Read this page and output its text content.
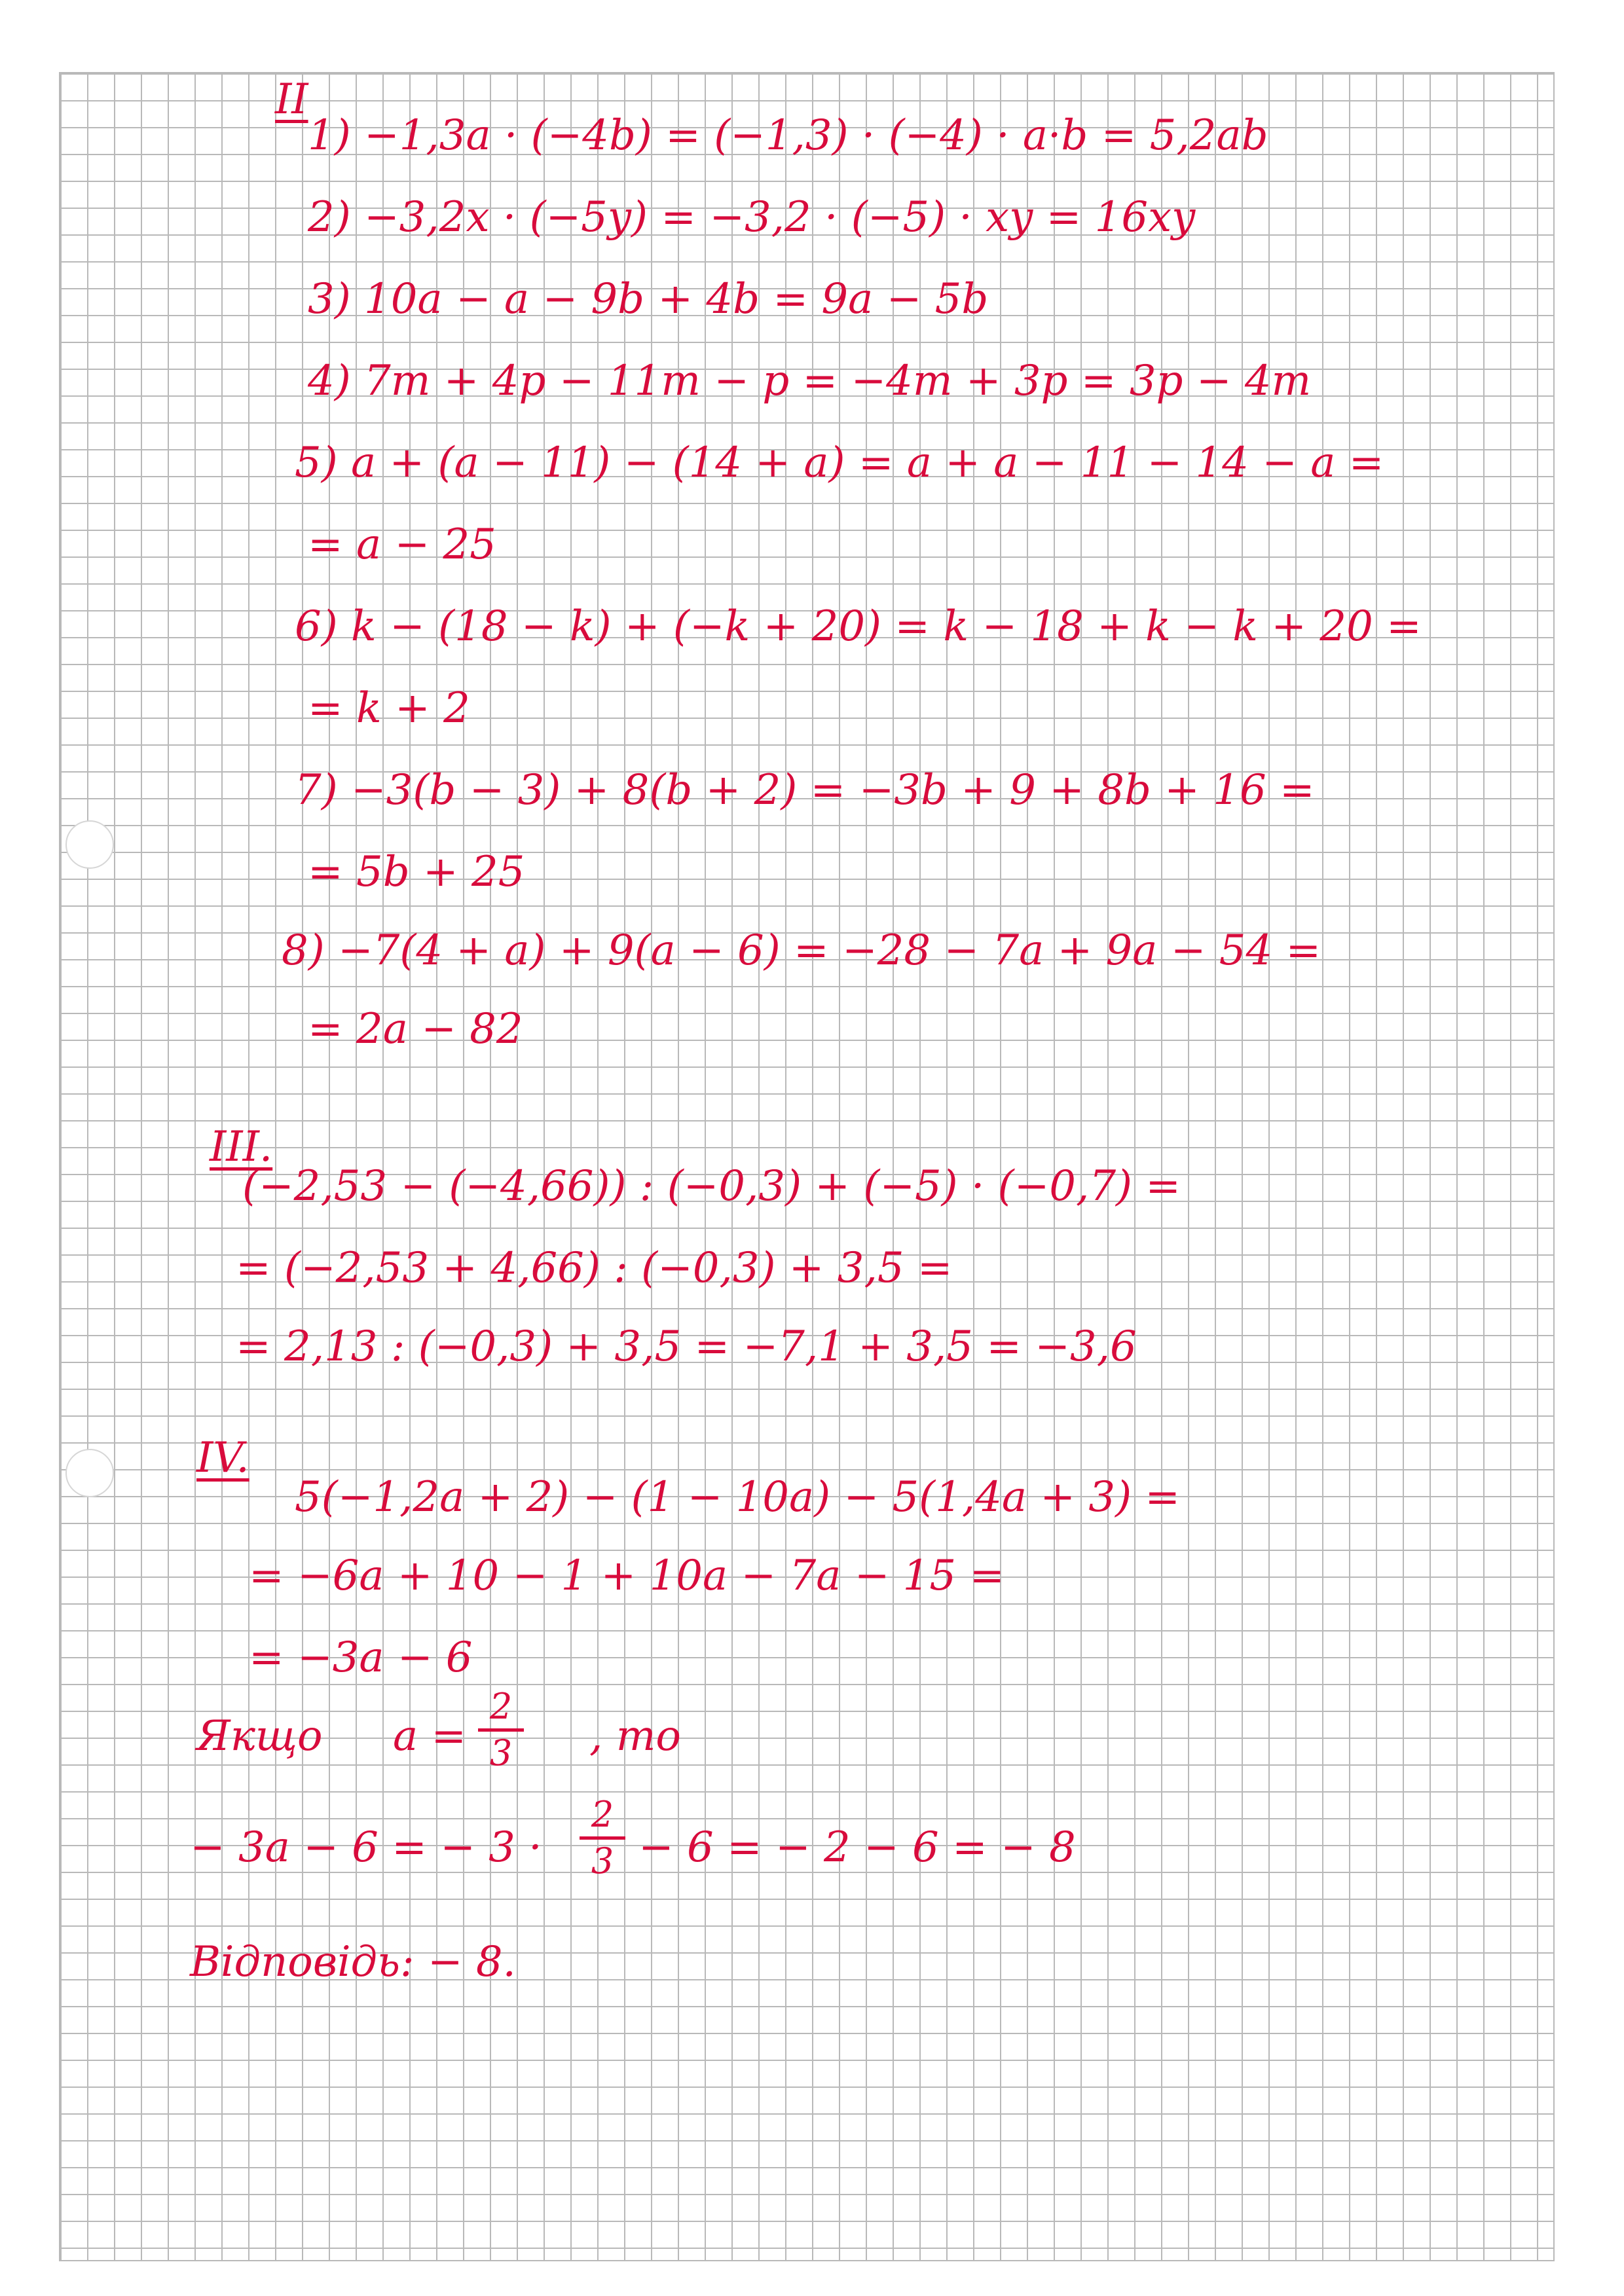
II
1) −1,3a · (−4b) = (−1,3) · (−4) · a·b = 5,2ab
2) −3,2x · (−5y) = −3,2 · (−5) · xy = 16xy
3) 10a − a − 9b + 4b = 9a − 5b
4) 7m + 4p − 11m − p = −4m + 3p = 3p − 4m
5) a + (a − 11) − (14 + a) = a + a − 11 − 14 − a =
= a − 25
6) k − (18 − k) + (−k + 20) = k − 18 + k − k + 20 =
= k + 2
7) −3(b − 3) + 8(b + 2) = −3b + 9 + 8b + 16 =
= 5b + 25
8) −7(4 + a) + 9(a − 6) = −28 − 7a + 9a − 54 =
= 2a − 82
III.
(−2,53 − (−4,66)) : (−0,3) + (−5) · (−0,7) =
= (−2,53 + 4,66) : (−0,3) + 3,5 =
= 2,13 : (−0,3) + 3,5 = −7,1 + 3,5 = −3,6
IV.
5(−1,2a + 2) − (1 − 10a) − 5(1,4a + 3) =
= −6a + 10 − 1 + 10a − 7a − 15 =
= −3a − 6
Якщо $a = \frac{2}{3}$ , то
− 3a − 6 = − $3 \cdot \frac{2}{3} - 6$ = − 2 − 6 = − 8
Відповідь: − 8.
